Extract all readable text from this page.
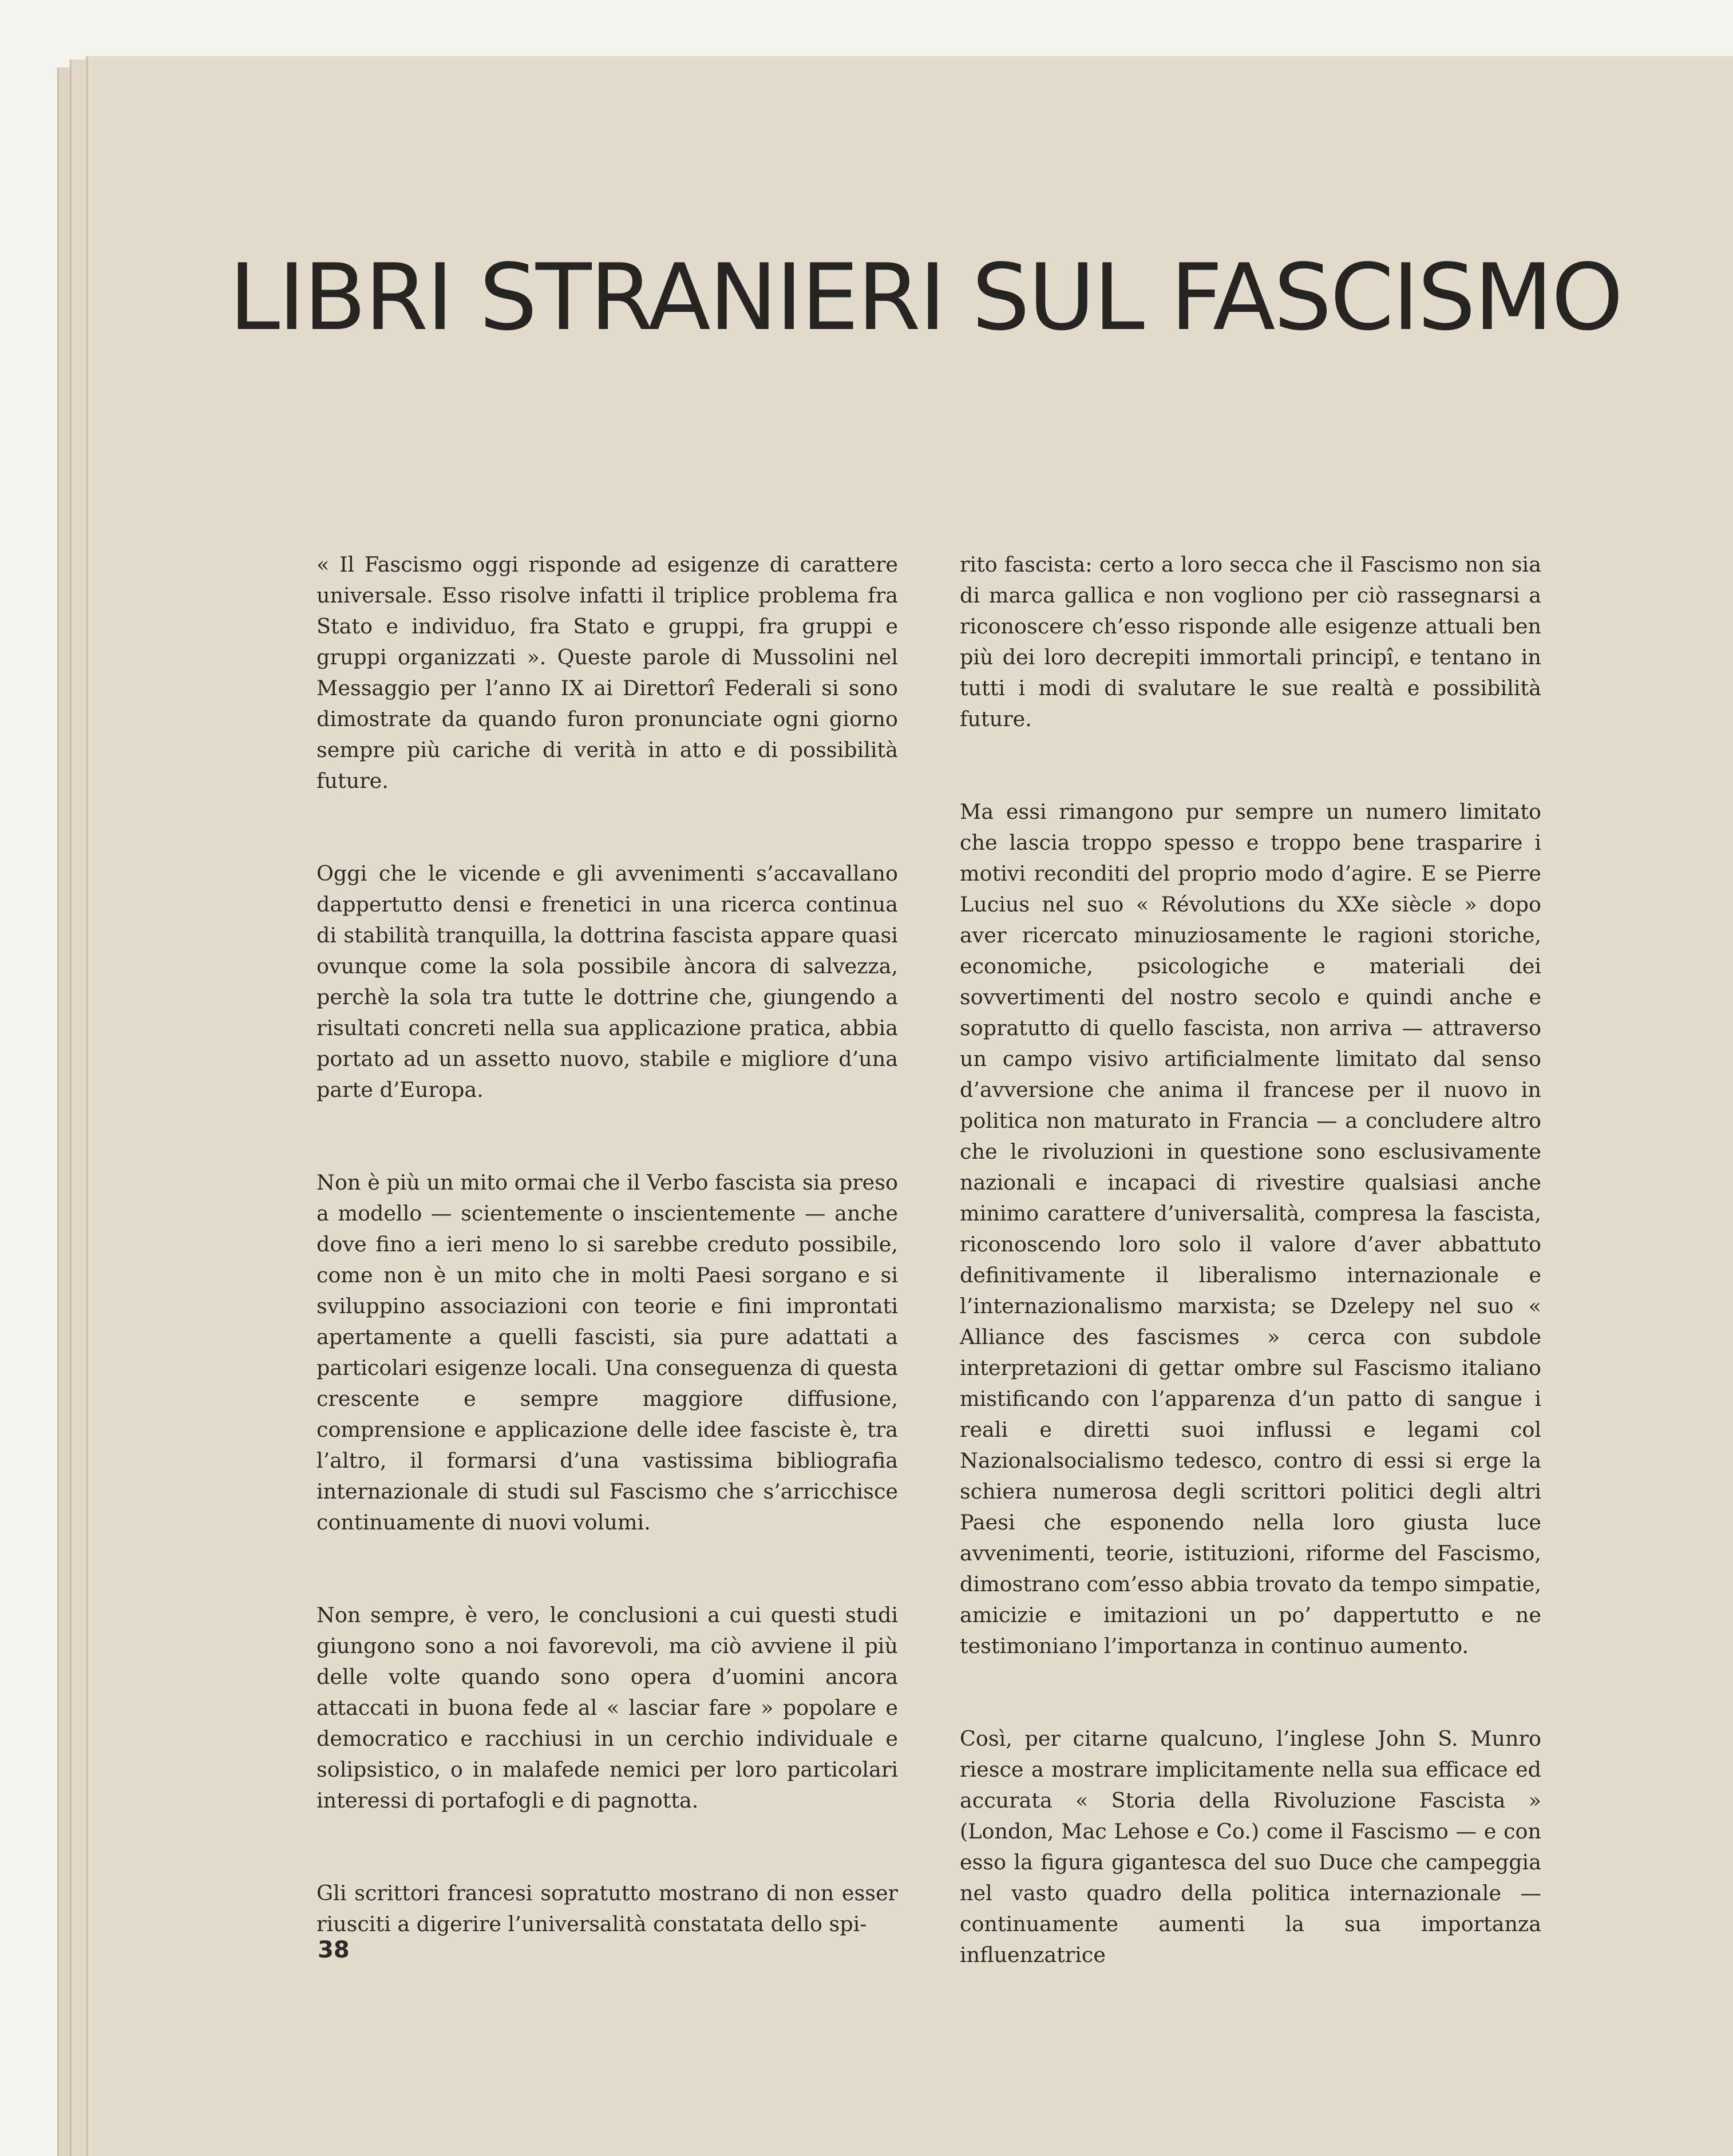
LIBRI STRANIERI SUL FASCISMO

« Il Fascismo oggi risponde ad esigenze di carattere universale. Esso risolve infatti il triplice problema fra Stato e individuo, fra Stato e gruppi, fra gruppi e gruppi organizzati ». Queste parole di Mussolini nel Messaggio per l’anno IX ai Direttorî Federali si sono dimostrate da quando furon pronunciate ogni giorno sempre più cariche di verità in atto e di possibilità future.

Oggi che le vicende e gli avvenimenti s’accavallano dappertutto densi e frenetici in una ricerca continua di stabilità tranquilla, la dottrina fascista appare quasi ovunque come la sola possibile àncora di salvezza, perchè la sola tra tutte le dottrine che, giungendo a risultati concreti nella sua applicazione pratica, abbia portato ad un assetto nuovo, stabile e migliore d’una parte d’Europa.

Non è più un mito ormai che il Verbo fascista sia preso a modello — scientemente o inscientemente — anche dove fino a ieri meno lo si sarebbe creduto possibile, come non è un mito che in molti Paesi sorgano e si sviluppino associazioni con teorie e fini improntati apertamente a quelli fascisti, sia pure adattati a particolari esigenze locali. Una conseguenza di questa crescente e sempre maggiore diffusione, comprensione e applicazione delle idee fasciste è, tra l’altro, il formarsi d’una vastissima bibliografia internazionale di studi sul Fascismo che s’arricchisce continuamente di nuovi volumi.

Non sempre, è vero, le conclusioni a cui questi studi giungono sono a noi favorevoli, ma ciò avviene il più delle volte quando sono opera d’uomini ancora attaccati in buona fede al « lasciar fare » popolare e democratico e racchiusi in un cerchio individuale e solipsistico, o in malafede nemici per loro particolari interessi di portafogli e di pagnotta.

Gli scrittori francesi sopratutto mostrano di non esser riusciti a digerire l’universalità constatata dello spi-

rito fascista: certo a loro secca che il Fascismo non sia di marca gallica e non vogliono per ciò rassegnarsi a riconoscere ch’esso risponde alle esigenze attuali ben più dei loro decrepiti immortali principî, e tentano in tutti i modi di svalutare le sue realtà e possibilità future.

Ma essi rimangono pur sempre un numero limitato che lascia troppo spesso e troppo bene trasparire i motivi reconditi del proprio modo d’agire. E se Pierre Lucius nel suo « Révolutions du XXe siècle » dopo aver ricercato minuziosamente le ragioni storiche, economiche, psicologiche e materiali dei sovvertimenti del nostro secolo e quindi anche e sopratutto di quello fascista, non arriva — attraverso un campo visivo artificialmente limitato dal senso d’avversione che anima il francese per il nuovo in politica non maturato in Francia — a concludere altro che le rivoluzioni in questione sono esclusivamente nazionali e incapaci di rivestire qualsiasi anche minimo carattere d’universalità, compresa la fascista, riconoscendo loro solo il valore d’aver abbattuto definitivamente il liberalismo internazionale e l’internazionalismo marxista; se Dzelepy nel suo « Alliance des fascismes » cerca con subdole interpretazioni di gettar ombre sul Fascismo italiano mistificando con l’apparenza d’un patto di sangue i reali e diretti suoi influssi e legami col Nazionalsocialismo tedesco, contro di essi si erge la schiera numerosa degli scrittori politici degli altri Paesi che esponendo nella loro giusta luce avvenimenti, teorie, istituzioni, riforme del Fascismo, dimostrano com’esso abbia trovato da tempo simpatie, amicizie e imitazioni un po’ dappertutto e ne testimoniano l’importanza in continuo aumento.

Così, per citarne qualcuno, l’inglese John S. Munro riesce a mostrare implicitamente nella sua efficace ed accurata « Storia della Rivoluzione Fascista » (London, Mac Lehose e Co.) come il Fascismo — e con esso la figura gigantesca del suo Duce che campeggia nel vasto quadro della politica internazionale — continuamente aumenti la sua importanza influenzatrice

38
